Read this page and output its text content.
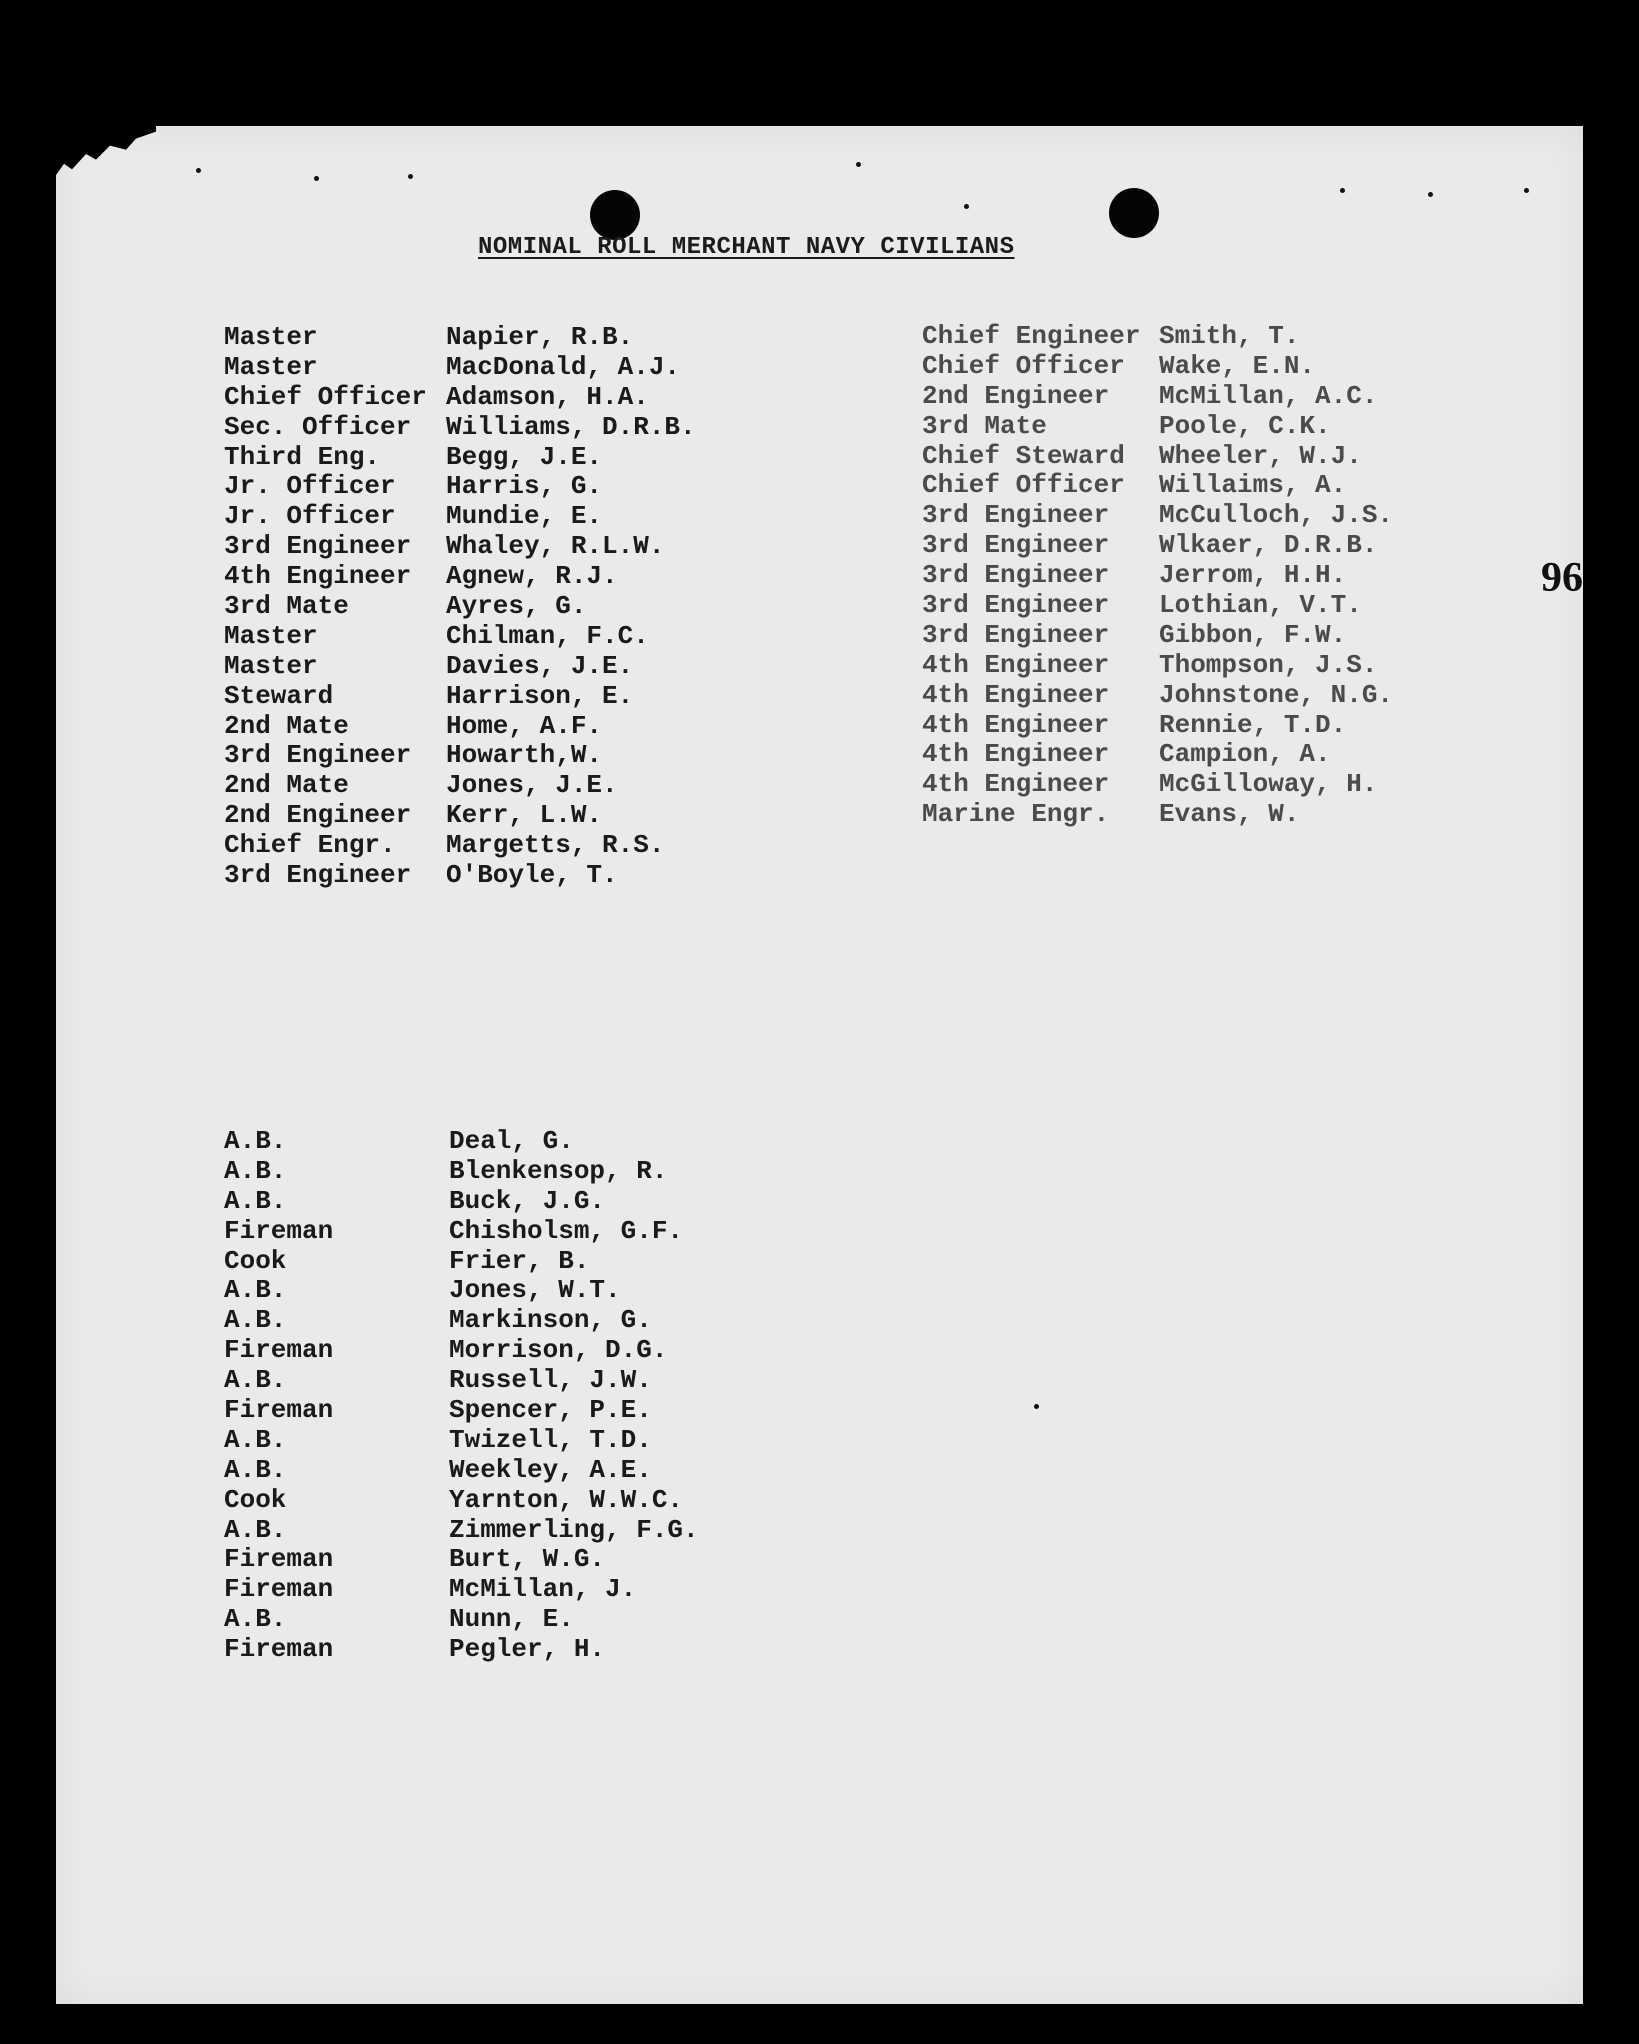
NOMINAL ROLL MERCHANT NAVY CIVILIANS
Master	Napier, R.B.
Master	MacDonald, A.J.
Chief Officer Adamson, H.A.
Sec. Officer Williams, D.R.B.
Third Eng.	Begg, J.E.
Jr. Officer Harris, G.
Jr. Officer Mundie, E.
3rd Engineer Whaley, R.L.W.
4th Engineer Agnew, R.J.
3rd Mate	Ayres, G.
Master	Chilman, F.C.
Master	Davies, J.E.
Steward	Harrison, E.
2nd Mate	Home, A.F.
3rd Engineer Howarth,W.
2nd Mate	Jones, J.E.
2nd Engineer Kerr, L.W.
Chief Engr. Margetts, R.S.
3rd Engineer O'Boyle, T.
Chief Engineer Smith, T.
Chief Officer Wake, E.N.
2nd Engineer McMillan, A.C.
3rd Mate	Poole, C.K.
Chief Steward Wheeler, W.J.
Chief Officer Willaims, A.
3rd Engineer McCulloch, J.S.
3rd Engineer Wlkaer, D.R.B.
3rd Engineer Jerrom, H.H.
3rd Engineer Lothian, V.T.
3rd Engineer Gibbon, F.W.
4th Engineer Thompson, J.S.
4th Engineer Johnstone, N.G.
4th Engineer Rennie, T.D.
4th Engineer Campion, A.
4th Engineer McGilloway, H.
Marine Engr. Evans, W.
A.B.	Deal, G.
A.B.	Blenkensop, R.
A.B.	Buck, J.G.
Fireman	Chisholsm, G.F.
Cook	Frier, B.
A.B.	Jones, W.T.
A.B.	Markinson, G.
Fireman	Morrison, D.G.
A.B.	Russell, J.W.
Fireman	Spencer, P.E.
A.B.	Twizell, T.D.
A.B.	Weekley, A.E.
Cook	Yarnton, W.W.C.
A.B.	Zimmerling, F.G.
Fireman	Burt, W.G.
Fireman	McMillan, J.
A.B.	Nunn, E.
Fireman	Pegler, H.
96
